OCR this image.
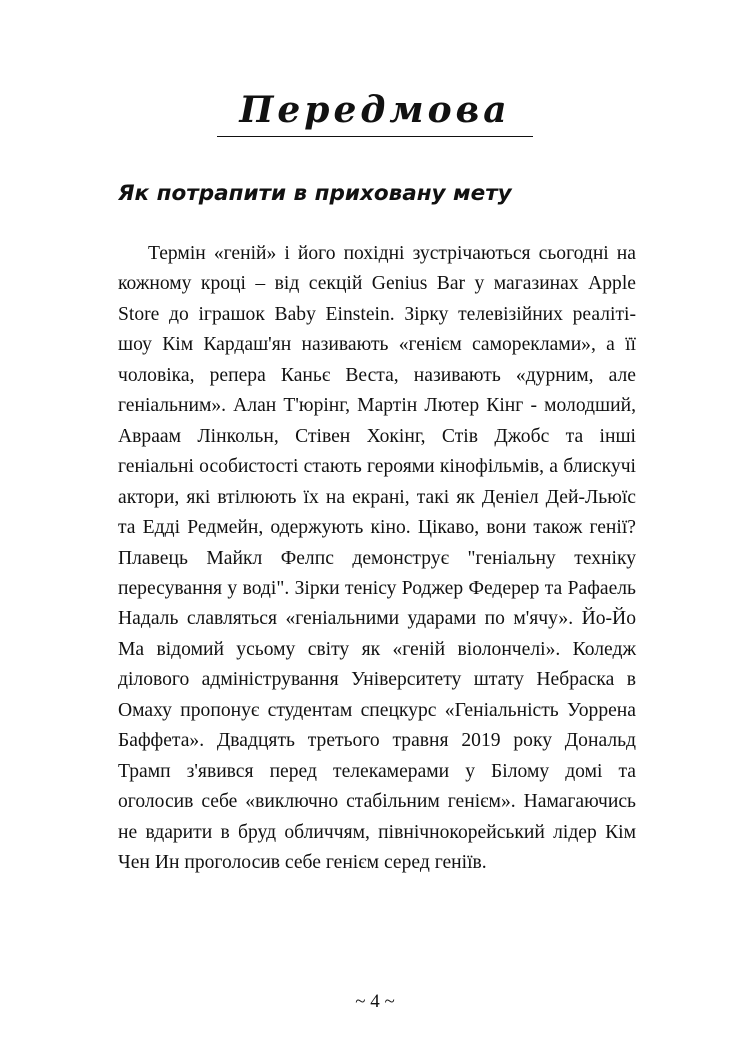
Передмова
Як потрапити в приховану мету

Термін «геній» і його похідні зустрічаються сьогодні на кожному кроці – від секцій Genius Bar у магазинах Apple Store до іграшок Baby Einstein. Зірку телевізійних реаліті-шоу Кім Кардаш'ян називають «генієм самореклами», а її чоловіка, репера Каньє Веста, називають «дурним, але геніальним». Алан Т'юрінг, Мартін Лютер Кінг - молодший, Авраам Лінкольн, Стівен Хокінг, Стів Джобс та інші геніальні особистості стають героями кінофільмів, а блискучі актори, які втілюють їх на екрані, такі як Деніел Дей-Льюїс та Едді Редмейн, одержують кіно. Цікаво, вони також генії? Плавець Майкл Фелпс демонструє "геніальну техніку пересування у воді". Зірки тенісу Роджер Федерер та Рафаель Надаль славляться «геніальними ударами по м'ячу». Йо-Йо Ма відомий усьому світу як «геній віолончелі». Коледж ділового адміністрування Університету штату Небраска в Омаху пропонує студентам спецкурс «Геніальність Уоррена Баффета». Двадцять третього травня 2019 року Дональд Трамп з'явився перед телекамерами у Білому домі та оголосив себе «виключно стабільним генієм». Намагаючись не вдарити в бруд обличчям, північнокорейський лідер Кім Чен Ин проголосив себе генієм серед геніїв.

~ 4 ~
